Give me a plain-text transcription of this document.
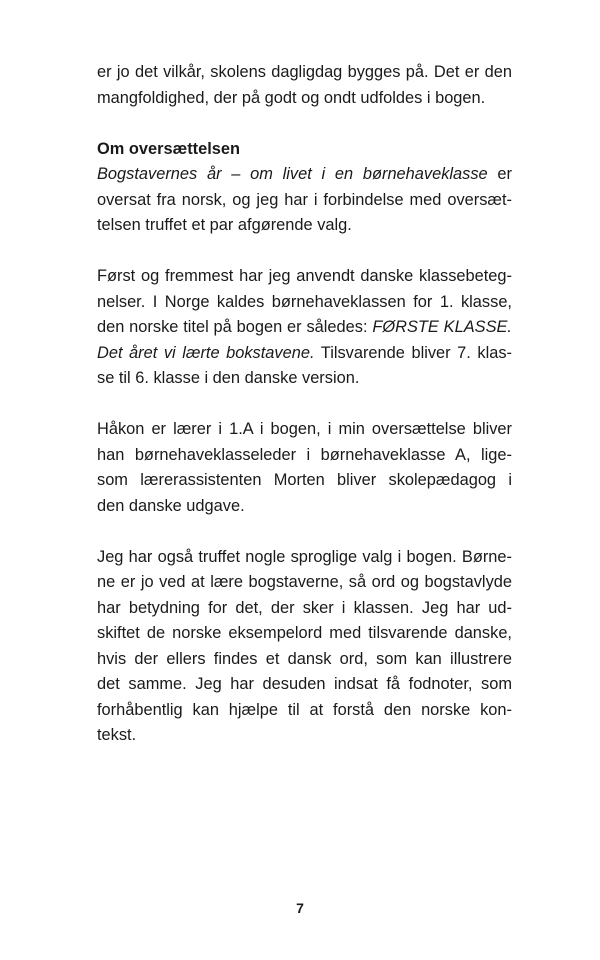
er jo det vilkår, skolens dagligdag bygges på. Det er den
mangfoldighed, der på godt og ondt udfoldes i bogen.
Om oversættelsen
Bogstavernes år – om livet i en børnehaveklasse er
oversat fra norsk, og jeg har i forbindelse med oversæt-
telsen truffet et par afgørende valg.
Først og fremmest har jeg anvendt danske klassebeteg-
nelser. I Norge kaldes børnehaveklassen for 1. klasse,
den norske titel på bogen er således: FØRSTE KLASSE.
Det året vi lærte bokstavene. Tilsvarende bliver 7. klas-
se til 6. klasse i den danske version.
Håkon er lærer i 1.A i bogen, i min oversættelse bliver
han børnehaveklasseleder i børnehaveklasse A, lige-
som lærerassistenten Morten bliver skolepædagog i
den danske udgave.
Jeg har også truffet nogle sproglige valg i bogen. Børne-
ne er jo ved at lære bogstaverne, så ord og bogstavlyde
har betydning for det, der sker i klassen. Jeg har ud-
skiftet de norske eksempelord med tilsvarende danske,
hvis der ellers findes et dansk ord, som kan illustrere
det samme. Jeg har desuden indsat få fodnoter, som
forhåbentlig kan hjælpe til at forstå den norske kon-
tekst.
7
